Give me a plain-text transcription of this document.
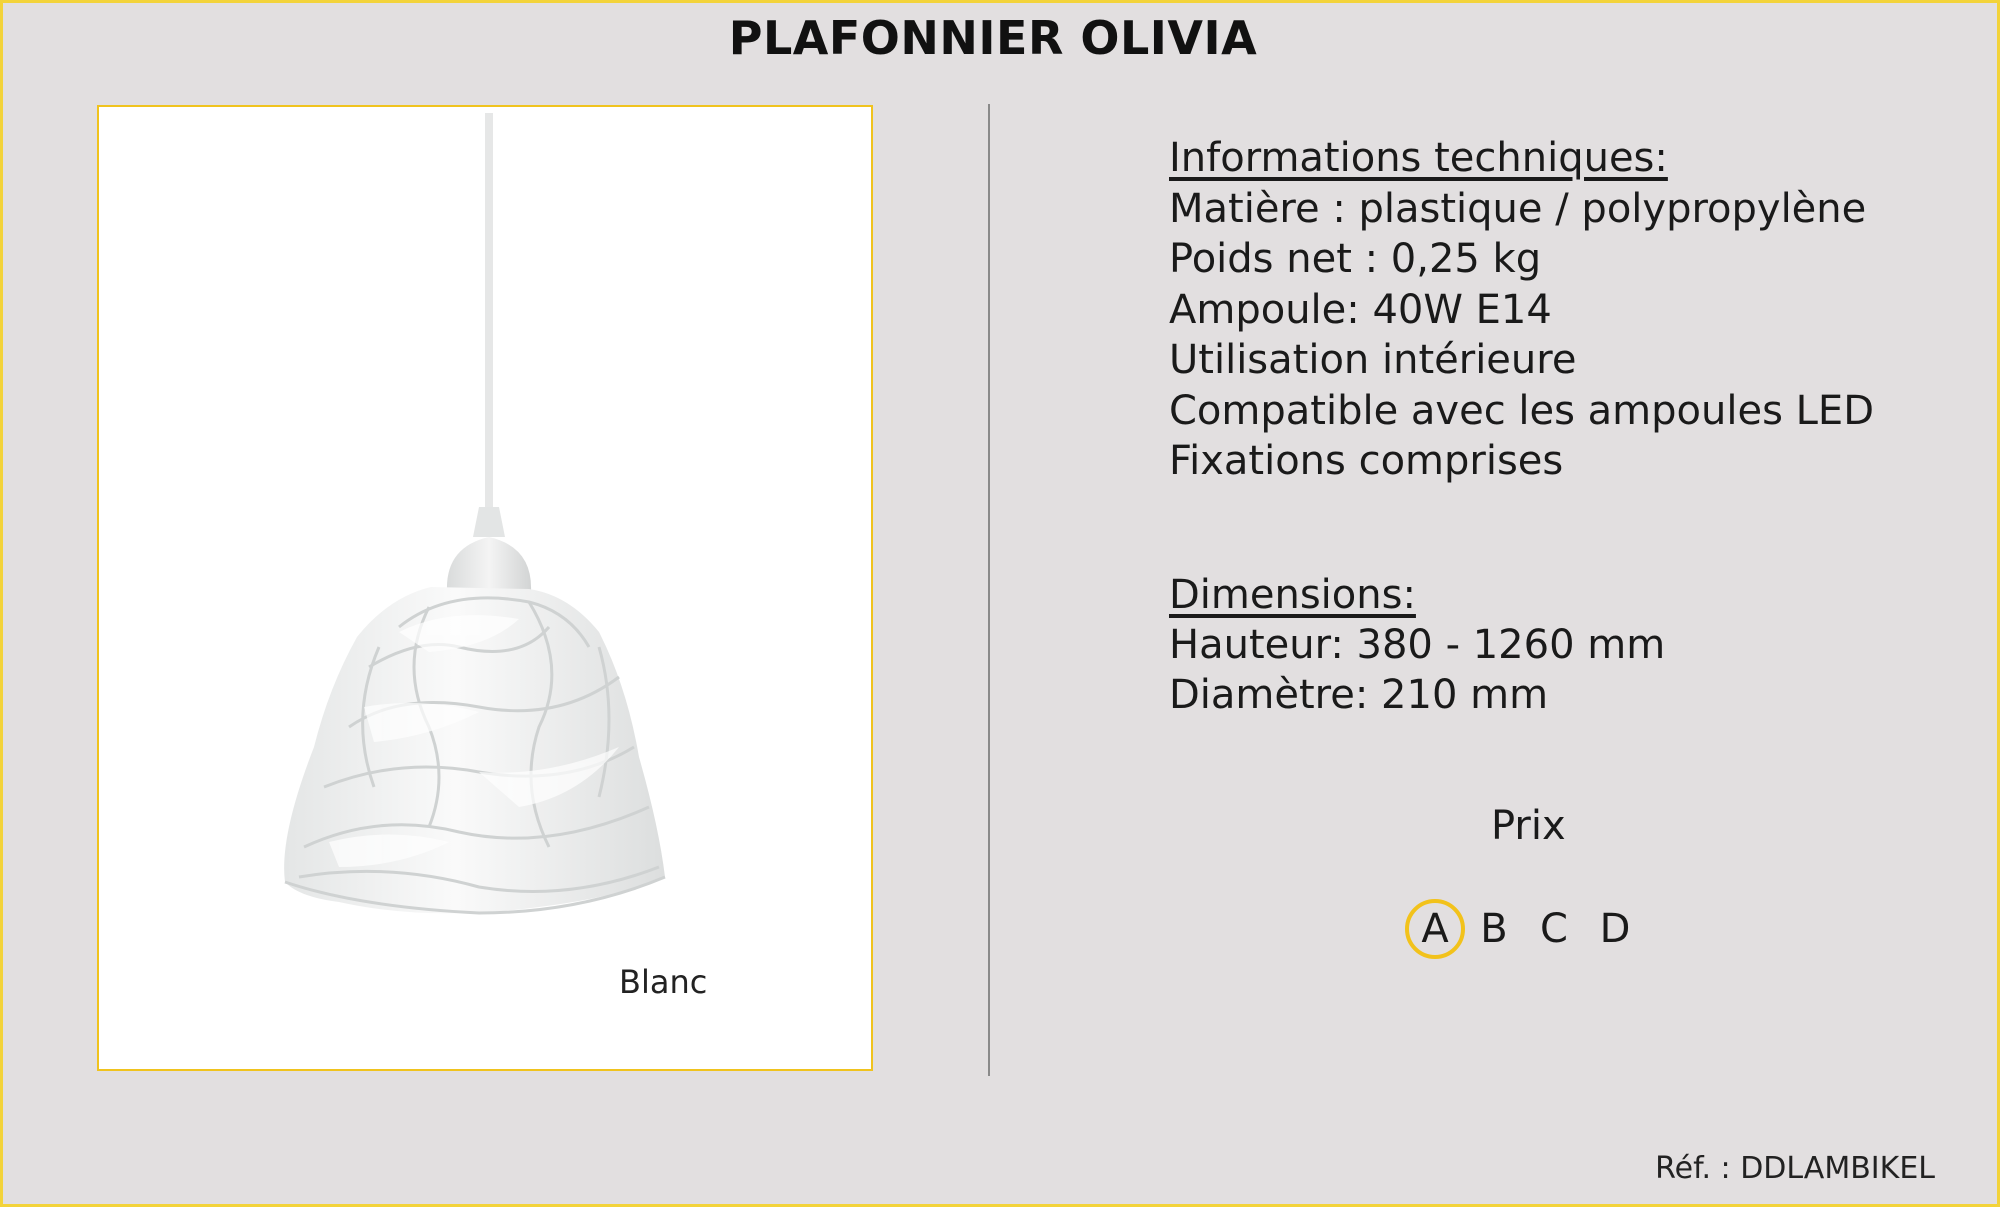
PLAFONNIER OLIVIA
Blanc
Informations techniques:
Matière : plastique / polypropylène
Poids net : 0,25 kg
Ampoule: 40W E14
Utilisation intérieure
Compatible avec les ampoules LED
Fixations comprises
Dimensions:
Hauteur: 380 - 1260 mm
Diamètre: 210 mm
Prix
A B C D
Réf. : DDLAMBIKEL
